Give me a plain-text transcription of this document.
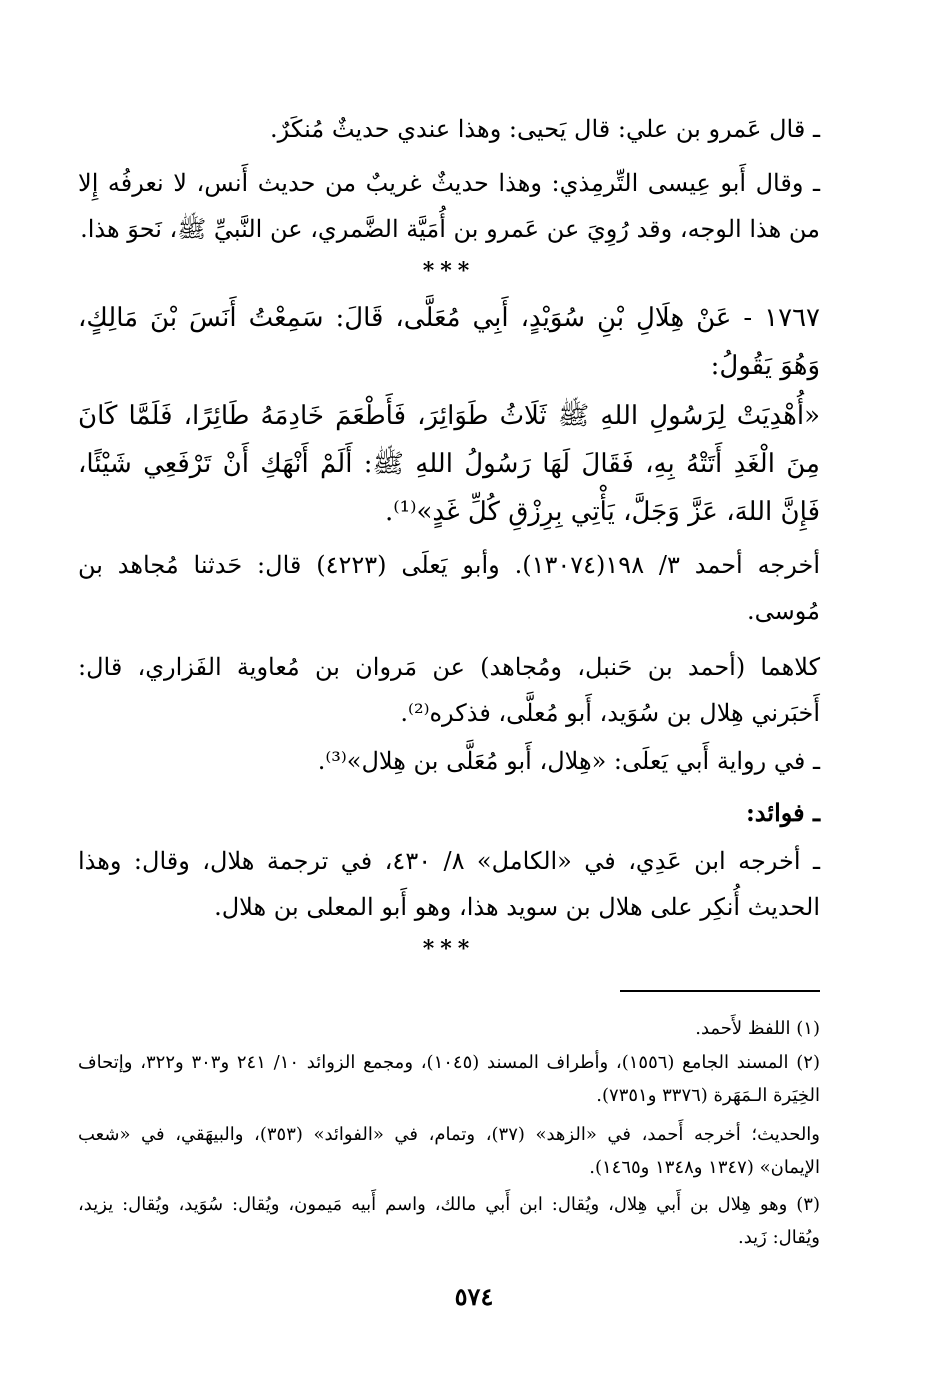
ـ قال عَمرو بن علي: قال يَحيى: وهذا عندي حديثٌ مُنكَرٌ.
ـ وقال أَبو عِيسى التِّرمِذي: وهذا حديثٌ غريبٌ من حديث أَنس، لا نعرفُه إِلا من هذا الوجه، وقد رُوِيَ عن عَمرو بن أُمَيَّة الضَّمري، عن النَّبيِّ ﷺ، نَحوَ هذا.
***
١٧٦٧ - عَنْ هِلَالِ بْنِ سُوَيْدٍ، أَبِي مُعَلَّى، قَالَ: سَمِعْتُ أَنَسَ بْنَ مَالِكٍ، وَهُوَ يَقُولُ:
«أُهْدِيَتْ لِرَسُولِ اللهِ ﷺ ثَلَاثُ طَوَائِرَ، فَأَطْعَمَ خَادِمَهُ طَائِرًا، فَلَمَّا كَانَ مِنَ الْغَدِ أَتَتْهُ بِهِ، فَقَالَ لَهَا رَسُولُ اللهِ ﷺ: أَلَمْ أَنْهَكِ أَنْ تَرْفَعِي شَيْئًا، فَإِنَّ اللهَ، عَزَّ وَجَلَّ، يَأْتِي بِرِزْقِ كُلِّ غَدٍ»⁽¹⁾.
أخرجه أحمد ٣/ ١٩٨(١٣٠٧٤). وأبو يَعلَى (٤٢٢٣) قال: حَدثنا مُجاهد بن مُوسى.
كلاهما (أحمد بن حَنبل، ومُجاهد) عن مَروان بن مُعاوية الفَزاري، قال: أَخبَرني هِلال بن سُوَيد، أَبو مُعلَّى، فذكره⁽²⁾.
ـ في رواية أَبي يَعلَى: «هِلال، أَبو مُعَلَّى بن هِلال»⁽³⁾.
ـ فوائد:
ـ أخرجه ابن عَدِي، في «الكامل» ٨/ ٤٣٠، في ترجمة هلال، وقال: وهذا الحديث أُنكِر على هلال بن سويد هذا، وهو أَبو المعلى بن هلال.
***
(١) اللفظ لأَحمد.
(٢) المسند الجامع (١٥٥٦)، وأطراف المسند (١٠٤٥)، ومجمع الزوائد ١٠/ ٢٤١ و٣٠٣ و٣٢٢، وإتحاف الخِيَرة الـمَهَرة (٣٣٧٦ و٧٣٥١).
والحديث؛ أخرجه أَحمد، في «الزهد» (٣٧)، وتمام، في «الفوائد» (٣٥٣)، والبيهَقي، في «شعب الإيمان» (١٣٤٧ و١٣٤٨ و١٤٦٥).
(٣) وهو هِلال بن أَبي هِلال، ويُقال: ابن أَبي مالك، واسم أَبيه مَيمون، ويُقال: سُوَيد، ويُقال: يزيد، ويُقال: زَيد.
٥٧٤
